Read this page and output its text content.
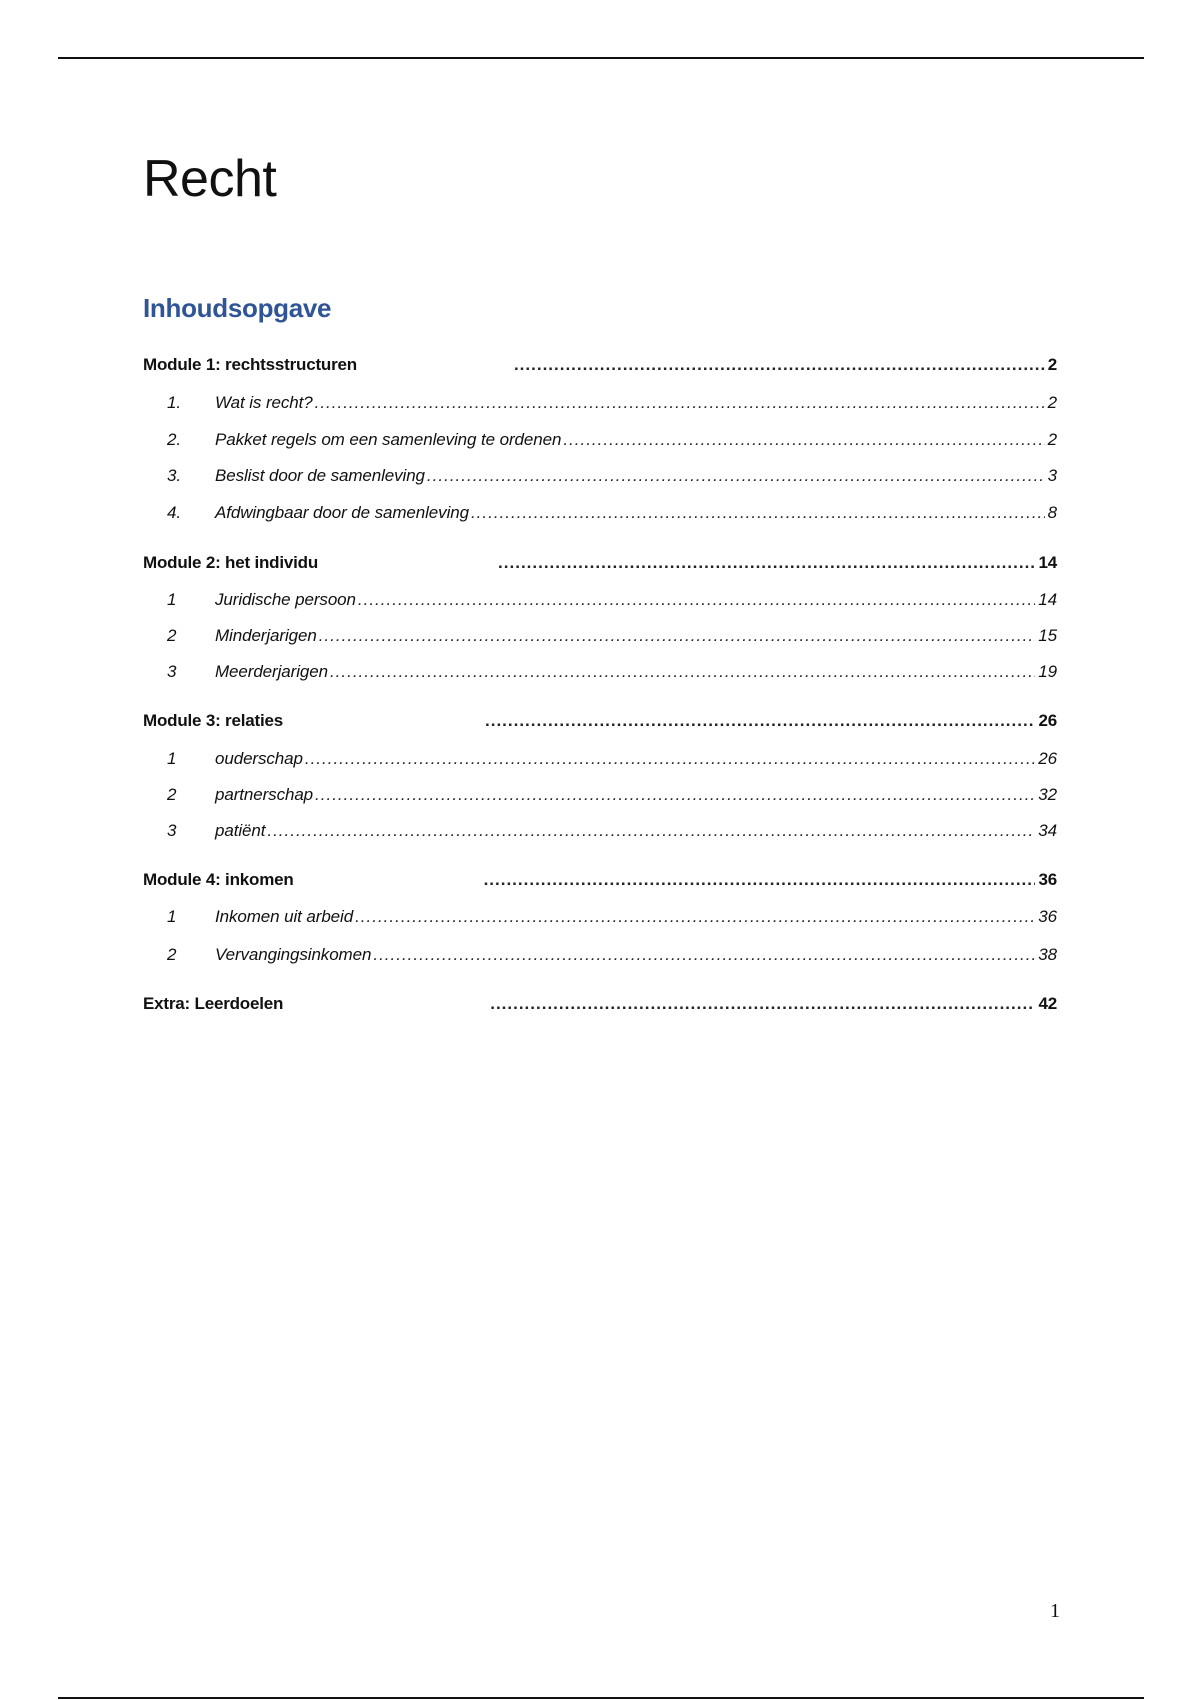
Recht
Inhoudsopgave
Module 1: rechtsstructuren .....	2
1.	Wat is recht? .....	2
2.	Pakket regels om een samenleving te ordenen .....	2
3.	Beslist door de samenleving .....	3
4.	Afdwingbaar door de samenleving .....	8
Module 2: het individu .....	14
1	Juridische persoon .....	14
2	Minderjarigen .....	15
3	Meerderjarigen .....	19
Module 3: relaties .....	26
1	ouderschap .....	26
2	partnerschap .....	32
3	patiënt .....	34
Module 4: inkomen .....	36
1	Inkomen uit arbeid .....	36
2	Vervangingsinkomen .....	38
Extra: Leerdoelen .....	42
1
